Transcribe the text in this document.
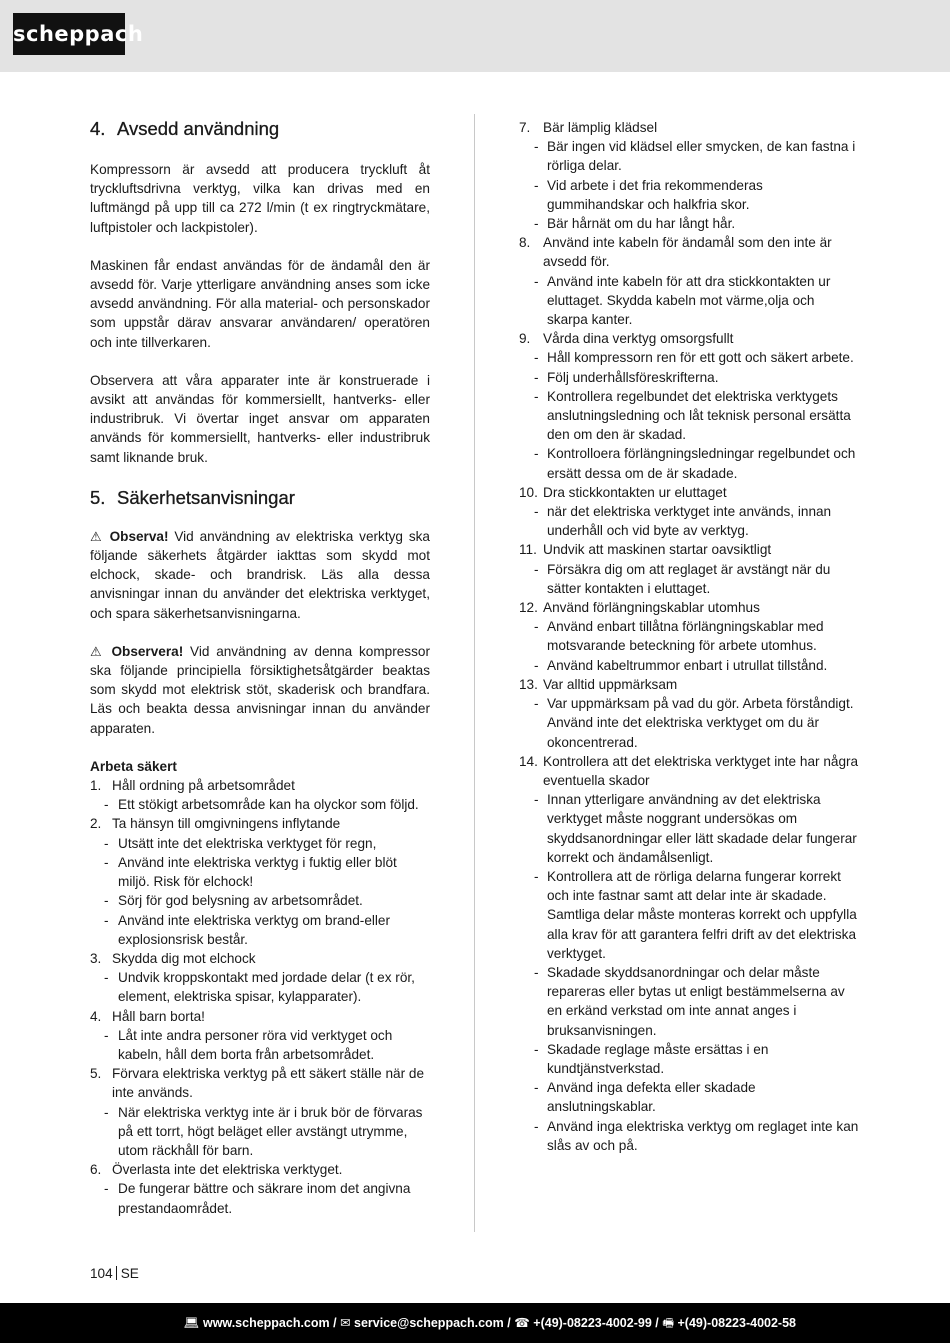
scheppach
4. Avsedd användning

Kompressorn är avsedd att producera tryckluft åt tryckluftsdrivna verktyg, vilka kan drivas med en luftmängd på upp till ca 272 l/min (t ex ringtryckmätare, luftpistoler och lackpistoler).

Maskinen får endast användas för de ändamål den är avsedd för. Varje ytterligare användning anses som icke avsedd användning. För alla material- och personskador som uppstår därav ansvarar användaren/ operatören och inte tillverkaren.

Observera att våra apparater inte är konstruerade i avsikt att användas för kommersiellt, hantverks- eller industribruk. Vi övertar inget ansvar om apparaten används för kommersiellt, hantverks- eller industribruk samt liknande bruk.

5. Säkerhetsanvisningar

⚠ Observa! Vid användning av elektriska verktyg ska följande säkerhets åtgärder iakttas som skydd mot elchock, skade- och brandrisk. Läs alla dessa anvisningar innan du använder det elektriska verktyget, och spara säkerhetsanvisningarna.

⚠ Observera! Vid användning av denna kompressor ska följande principiella försiktighetsåtgärder beaktas som skydd mot elektrisk stöt, skaderisk och brandfara. Läs och beakta dessa anvisningar innan du använder apparaten.

Arbeta säkert
1. Håll ordning på arbetsområdet
- Ett stökigt arbetsområde kan ha olyckor som följd.
2. Ta hänsyn till omgivningens inflytande
- Utsätt inte det elektriska verktyget för regn,
- Använd inte elektriska verktyg i fuktig eller blöt miljö. Risk för elchock!
- Sörj för god belysning av arbetsområdet.
- Använd inte elektriska verktyg om brand-eller explosionsrisk består.
3. Skydda dig mot elchock
- Undvik kroppskontakt med jordade delar (t ex rör, element, elektriska spisar, kylapparater).
4. Håll barn borta!
- Låt inte andra personer röra vid verktyget och kabeln, håll dem borta från arbetsområdet.
5. Förvara elektriska verktyg på ett säkert ställe när de inte används.
- När elektriska verktyg inte är i bruk bör de förvaras på ett torrt, högt beläget eller avstängt utrymme, utom räckhåll för barn.
6. Överlasta inte det elektriska verktyget.
- De fungerar bättre och säkrare inom det angivna prestandaområdet.
7. Bär lämplig klädsel
- Bär ingen vid klädsel eller smycken, de kan fastna i rörliga delar.
- Vid arbete i det fria rekommenderas gummihandskar och halkfria skor.
- Bär hårnät om du har långt hår.
8. Använd inte kabeln för ändamål som den inte är avsedd för.
- Använd inte kabeln för att dra stickkontakten ur eluttaget. Skydda kabeln mot värme,olja och skarpa kanter.
9. Vårda dina verktyg omsorgsfullt
- Håll kompressorn ren för ett gott och säkert arbete.
- Följ underhållsföreskrifterna.
- Kontrollera regelbundet det elektriska verktygets anslutningsledning och låt teknisk personal ersätta den om den är skadad.
- Kontrolloera förlängningsledningar regelbundet och ersätt dessa om de är skadade.
10. Dra stickkontakten ur eluttaget
- när det elektriska verktyget inte används, innan underhåll och vid byte av verktyg.
11. Undvik att maskinen startar oavsiktligt
- Försäkra dig om att reglaget är avstängt när du sätter kontakten i eluttaget.
12. Använd förlängningskablar utomhus
- Använd enbart tillåtna förlängningskablar med motsvarande beteckning för arbete utomhus.
- Använd kabeltrummor enbart i utrullat tillstånd.
13. Var alltid uppmärksam
- Var uppmärksam på vad du gör. Arbeta förståndigt. Använd inte det elektriska verktyget om du är okoncentrerad.
14. Kontrollera att det elektriska verktyget inte har några eventuella skador
- Innan ytterligare användning av det elektriska verktyget måste noggrant undersökas om skyddsanordningar eller lätt skadade delar fungerar korrekt och ändamålsenligt.
- Kontrollera att de rörliga delarna fungerar korrekt och inte fastnar samt att delar inte är skadade. Samtliga delar måste monteras korrekt och uppfylla alla krav för att garantera felfri drift av det elektriska verktyget.
- Skadade skyddsanordningar och delar måste repareras eller bytas ut enligt bestämmelserna av en erkänd verkstad om inte annat anges i bruksanvisningen.
- Skadade reglage måste ersättas i en kundtjänstverkstad.
- Använd inga defekta eller skadade anslutningskablar.
- Använd inga elektriska verktyg om reglaget inte kan slås av och på.
104 SE
💻︎ www.scheppach.com / ✉ service@scheppach.com / ☎ +(49)-08223-4002-99 / 🖷 +(49)-08223-4002-58
